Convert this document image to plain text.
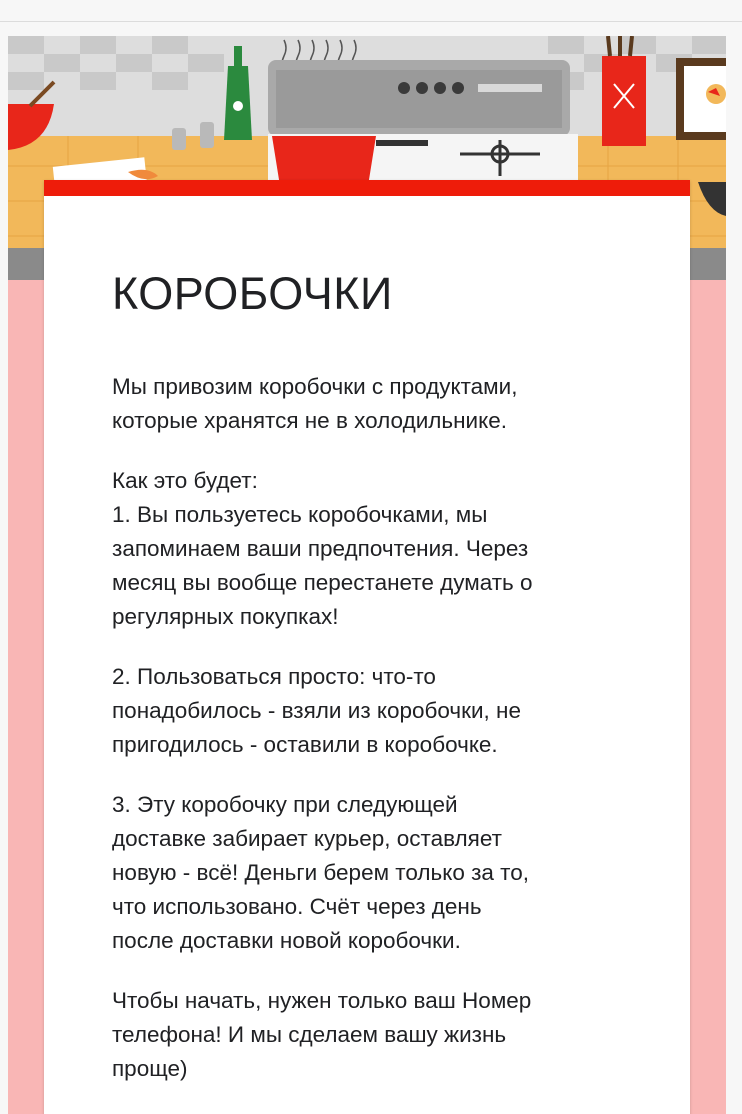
КОРОБОЧКИ

Мы привозим коробочки с продуктами,
которые хранятся не в холодильнике.

Как это будет:
1. Вы пользуетесь коробочками, мы
запоминаем ваши предпочтения. Через
месяц вы вообще перестанете думать о
регулярных покупках!

2. Пользоваться просто: что-то
понадобилось - взяли из коробочки, не
пригодилось - оставили в коробочке.

3. Эту коробочку при следующей
доставке забирает курьер, оставляет
новую - всё! Деньги берем только за то,
что использовано. Счёт через день
после доставки новой коробочки.

Чтобы начать, нужен только ваш Номер
телефона! И мы сделаем вашу жизнь
проще)
